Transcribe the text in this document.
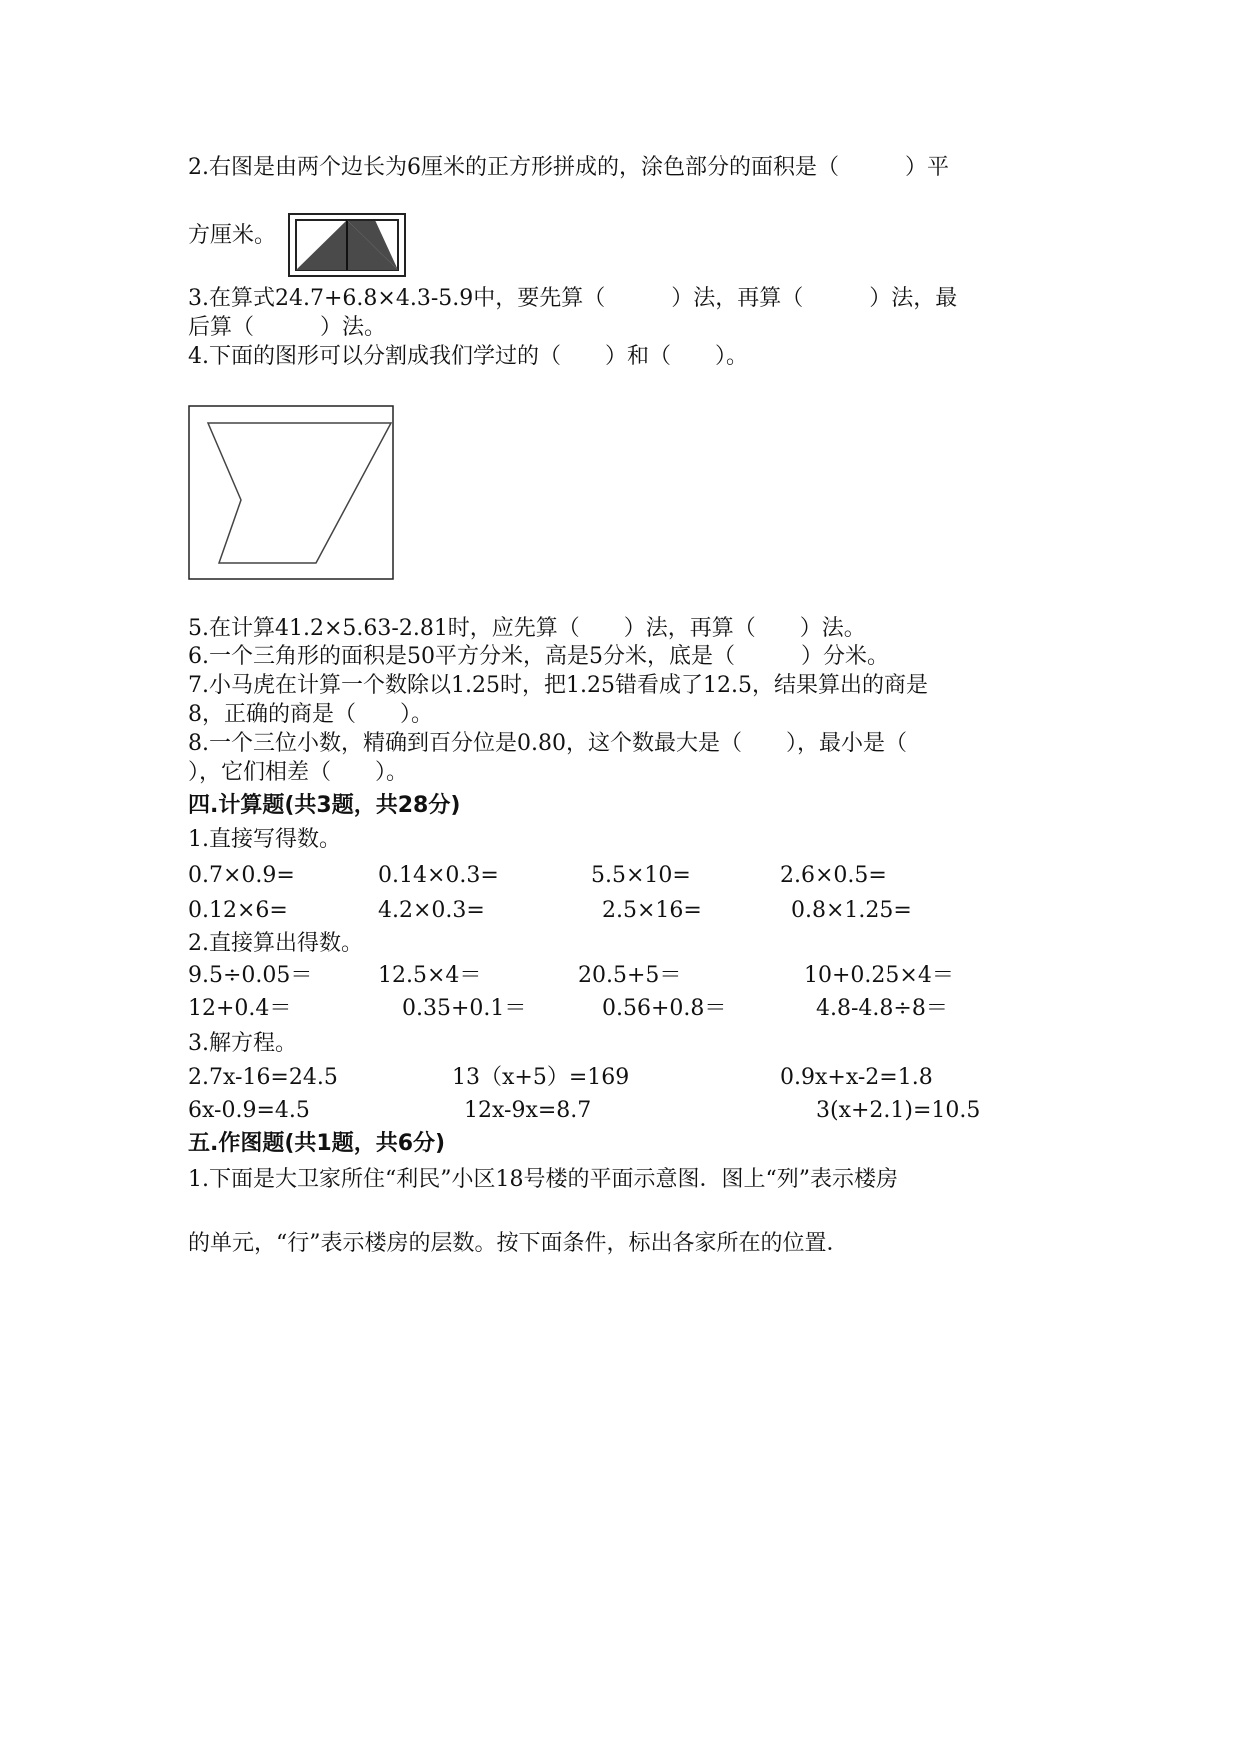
2.右图是由两个边长为6厘米的正方形拼成的，涂色部分的面积是（　　　）平
方厘米。
3.在算式24.7+6.8×4.3-5.9中，要先算（　　　）法，再算（　　　）法，最
后算（　　　）法。
4.下面的图形可以分割成我们学过的（　　）和（　　）。
5.在计算41.2×5.63-2.81时，应先算（　　）法，再算（　　）法。
6.一个三角形的面积是50平方分米，高是5分米，底是（　　　）分米。
7.小马虎在计算一个数除以1.25时，把1.25错看成了12.5，结果算出的商是
8，正确的商是（　　）。
8.一个三位小数，精确到百分位是0.80，这个数最大是（　　），最小是（
），它们相差（　　）。
四.计算题(共3题，共28分)
1.直接写得数。
0.7×0.9=	0.14×0.3=	5.5×10=	2.6×0.5=
0.12×6=	4.2×0.3=	2.5×16=	0.8×1.25=
2.直接算出得数。
9.5÷0.05＝	12.5×4＝	20.5+5＝	10+0.25×4＝
12+0.4＝	0.35+0.1＝	0.56+0.8＝	4.8-4.8÷8＝
3.解方程。
2.7x-16=24.5	13（x+5）=169	0.9x+x-2=1.8
6x-0.9=4.5	12x-9x=8.7	3(x+2.1)=10.5
五.作图题(共1题，共6分)
1.下面是大卫家所住“利民”小区18号楼的平面示意图．图上“列”表示楼房
的单元，“行”表示楼房的层数。按下面条件，标出各家所在的位置．
